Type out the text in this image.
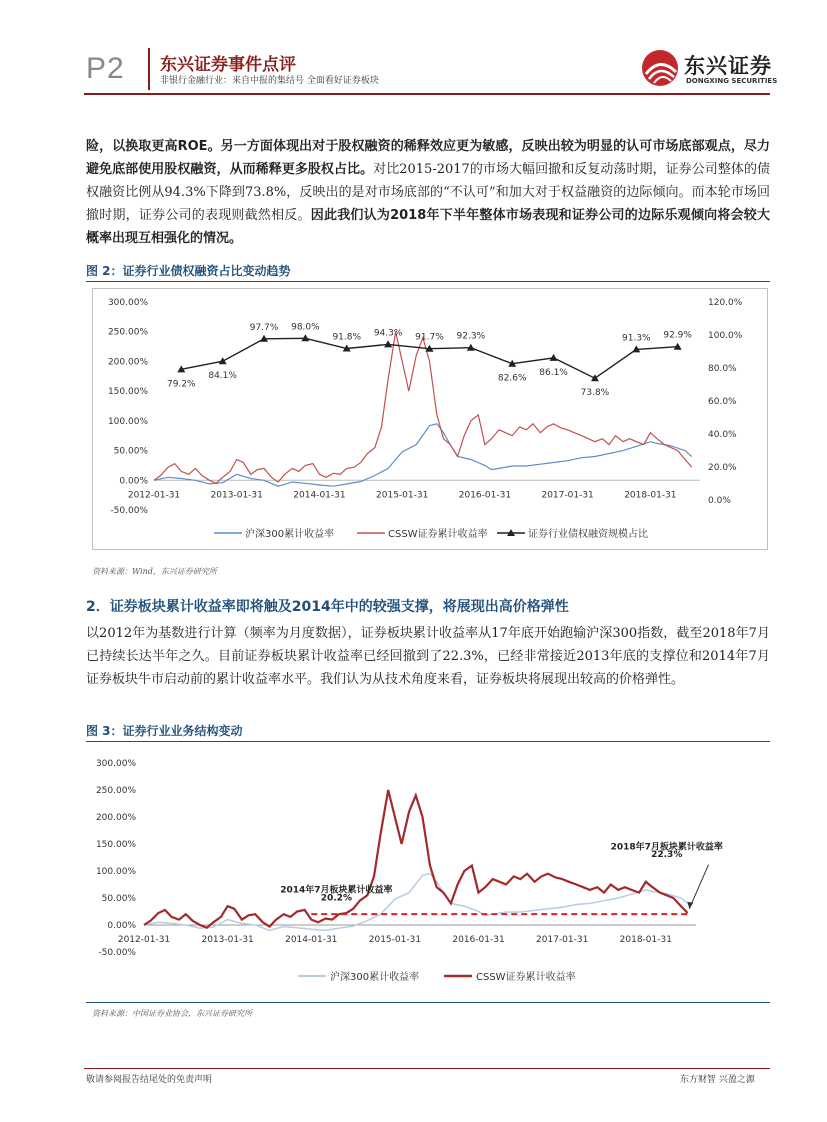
P2 东兴证券事件点评
非银行金融行业：来自中报的集结号 全面看好证券板块
东兴证券
DONGXING SECURITIES
险，以换取更高ROE。另一方面体现出对于股权融资的稀释效应更为敏感，反映出较为明显的认可市场底部观点，尽力避免底部使用股权融资，从而稀释更多股权占比。对比2015-2017的市场大幅回撤和反复动荡时期，证券公司整体的债权融资比例从94.3%下降到73.8%，反映出的是对市场底部的“不认可”和加大对于权益融资的边际倾向。而本轮市场回撤时期，证券公司的表现则截然相反。因此我们认为2018年下半年整体市场表现和证券公司的边际乐观倾向将会较大概率出现互相强化的情况。
图 2：证券行业债权融资占比变动趋势
300.00%
250.00%
200.00%
150.00%
100.00%
50.00%
0.00%
-50.00%
120.0%
100.0%
80.0%
60.0%
40.0%
20.0%
0.0%
2012-01-31	2013-01-31	2014-01-31	2015-01-31	2016-01-31	2017-01-31	2018-01-31
79.2%
84.1%
97.7% 98.0%
91.8% 94.3% 91.7% 92.3%
82.6%
86.1%
73.8%
91.3% 92.9%
沪深300累计收益率	CSSW证券累计收益率	证券行业债权融资规模占比
资料来源：Wind，东兴证券研究所
2．证券板块累计收益率即将触及2014年中的较强支撑，将展现出高价格弹性
以2012年为基数进行计算（频率为月度数据），证券板块累计收益率从17年底开始跑输沪深300指数，截至2018年7月已持续长达半年之久。目前证券板块累计收益率已经回撤到了22.3%，已经非常接近2013年底的支撑位和2014年7月证券板块牛市启动前的累计收益率水平。我们认为从技术角度来看，证券板块将展现出较高的价格弹性。
图 3：证券行业业务结构变动
300.00%
250.00%
200.00%
150.00%
100.00%
50.00%
0.00%
-50.00%
2012-01-31	2013-01-31	2014-01-31	2015-01-31	2016-01-31	2017-01-31	2018-01-31
2014年7月板块累计收益率
20.2%
2018年7月板块累计收益率
22.3%
沪深300累计收益率	CSSW证券累计收益率
资料来源：中国证券业协会，东兴证券研究所
敬请参阅报告结尾处的免责声明	东方财智 兴盈之源
